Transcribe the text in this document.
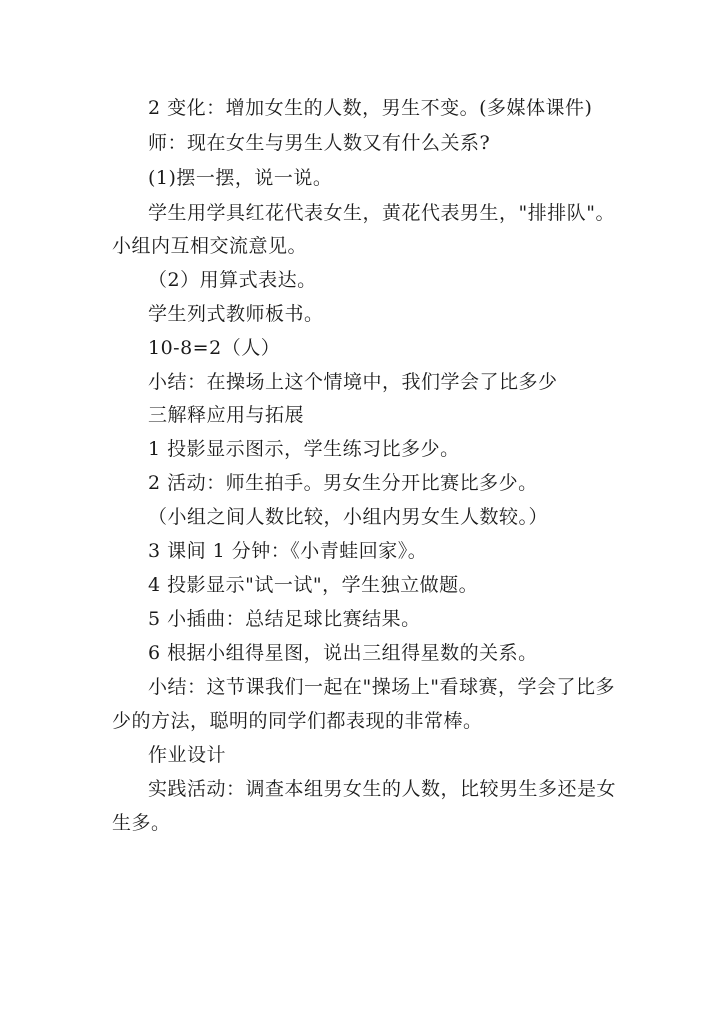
2 变化：增加女生的人数，男生不变。(多媒体课件)
师：现在女生与男生人数又有什么关系?
(1)摆一摆，说一说。
学生用学具红花代表女生，黄花代表男生，"排排队"。
小组内互相交流意见。
（2）用算式表达。
学生列式教师板书。
10-8=2（人）
小结：在操场上这个情境中，我们学会了比多少
三解释应用与拓展
1 投影显示图示，学生练习比多少。
2 活动：师生拍手。男女生分开比赛比多少。
（小组之间人数比较，小组内男女生人数较。）
3 课间 1 分钟：《小青蛙回家》。
4 投影显示"试一试"，学生独立做题。
5 小插曲：总结足球比赛结果。
6 根据小组得星图，说出三组得星数的关系。
小结：这节课我们一起在"操场上"看球赛，学会了比多
少的方法，聪明的同学们都表现的非常棒。
作业设计
实践活动：调查本组男女生的人数，比较男生多还是女
生多。
